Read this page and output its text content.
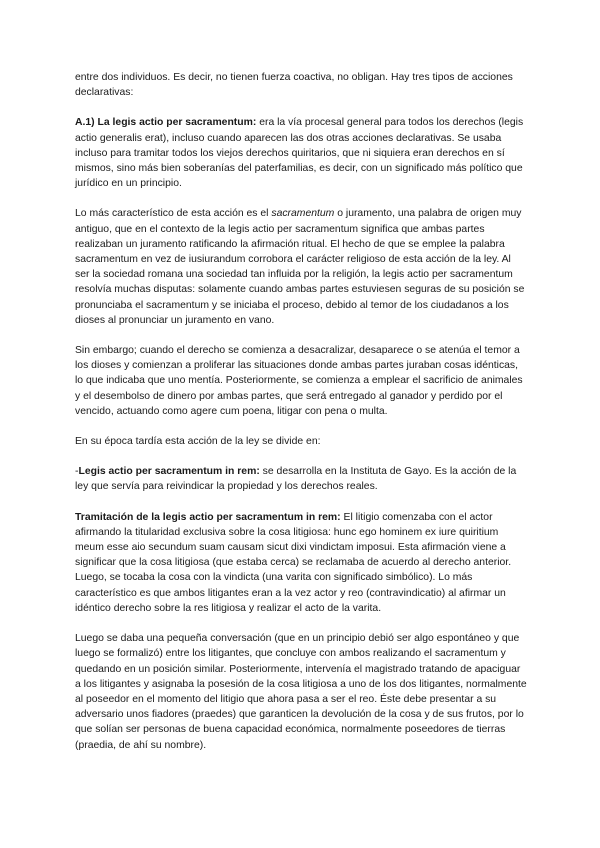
entre dos individuos. Es decir, no tienen fuerza coactiva, no obligan. Hay tres tipos de acciones declarativas:

A.1) La legis actio per sacramentum: era la vía procesal general para todos los derechos (legis actio generalis erat), incluso cuando aparecen las dos otras acciones declarativas. Se usaba incluso para tramitar todos los viejos derechos quiritarios, que ni siquiera eran derechos en sí mismos, sino más bien soberanías del paterfamilias, es decir, con un significado más político que jurídico en un principio.

Lo más característico de esta acción es el sacramentum o juramento, una palabra de origen muy antiguo, que en el contexto de la legis actio per sacramentum significa que ambas partes realizaban un juramento ratificando la afirmación ritual. El hecho de que se emplee la palabra sacramentum en vez de iusiurandum corrobora el carácter religioso de esta acción de la ley. Al ser la sociedad romana una sociedad tan influida por la religión, la legis actio per sacramentum resolvía muchas disputas: solamente cuando ambas partes estuviesen seguras de su posición se pronunciaba el sacramentum y se iniciaba el proceso, debido al temor de los ciudadanos a los dioses al pronunciar un juramento en vano.

Sin embargo; cuando el derecho se comienza a desacralizar, desaparece o se atenúa el temor a los dioses y comienzan a proliferar las situaciones donde ambas partes juraban cosas idénticas, lo que indicaba que uno mentía. Posteriormente, se comienza a emplear el sacrificio de animales y el desembolso de dinero por ambas partes, que será entregado al ganador y perdido por el vencido, actuando como agere cum poena, litigar con pena o multa.

En su época tardía esta acción de la ley se divide en:

-Legis actio per sacramentum in rem: se desarrolla en la Instituta de Gayo. Es la acción de la ley que servía para reivindicar la propiedad y los derechos reales.

Tramitación de la legis actio per sacramentum in rem: El litigio comenzaba con el actor afirmando la titularidad exclusiva sobre la cosa litigiosa: hunc ego hominem ex iure quiritium meum esse aio secundum suam causam sicut dixi vindictam imposui. Esta afirmación viene a significar que la cosa litigiosa (que estaba cerca) se reclamaba de acuerdo al derecho anterior. Luego, se tocaba la cosa con la vindicta (una varita con significado simbólico). Lo más característico es que ambos litigantes eran a la vez actor y reo (contravindicatio) al afirmar un idéntico derecho sobre la res litigiosa y realizar el acto de la varita.

Luego se daba una pequeña conversación (que en un principio debió ser algo espontáneo y que luego se formalizó) entre los litigantes, que concluye con ambos realizando el sacramentum y quedando en un posición similar. Posteriormente, intervenía el magistrado tratando de apaciguar a los litigantes y asignaba la posesión de la cosa litigiosa a uno de los dos litigantes, normalmente al poseedor en el momento del litigio que ahora pasa a ser el reo. Éste debe presentar a su adversario unos fiadores (praedes) que garanticen la devolución de la cosa y de sus frutos, por lo que solían ser personas de buena capacidad económica, normalmente poseedores de tierras (praedia, de ahí su nombre).
